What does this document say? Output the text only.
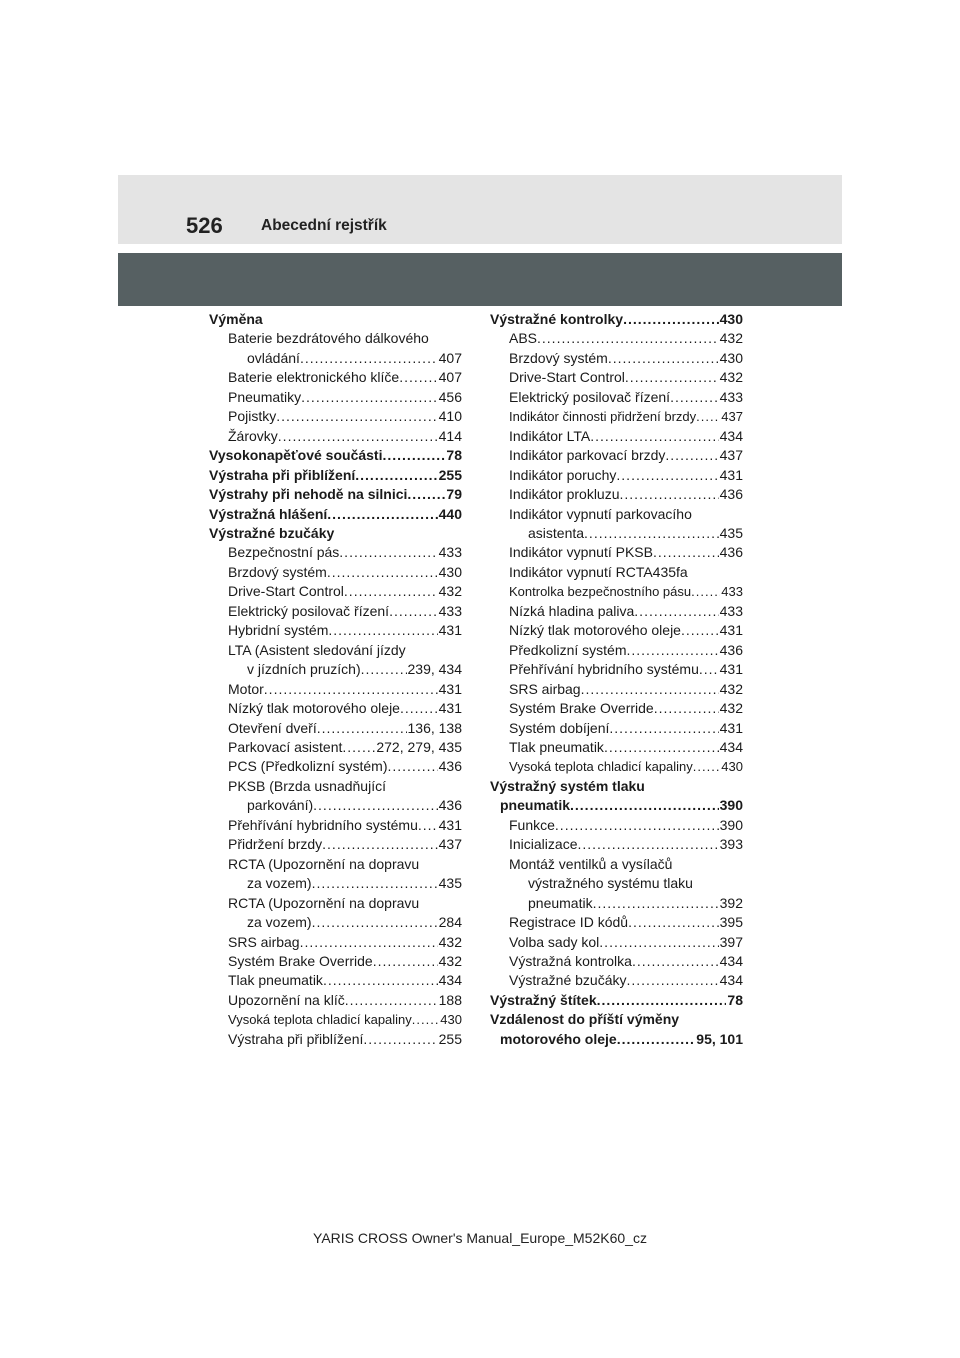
526 Abecední rejstřík
Výměna
Baterie bezdrátového dálkového
ovládání .....	407
Baterie elektronického klíče .....	407
Pneumatiky .....	456
Pojistky .....	410
Žárovky .....	414
Vysokonapěťové součásti .....	78
Výstraha při přiblížení .....	255
Výstrahy při nehodě na silnici .....	79
Výstražná hlášení .....	440
Výstražné bzučáky
Bezpečnostní pás .....	433
Brzdový systém .....	430
Drive-Start Control .....	432
Elektrický posilovač řízení .....	433
Hybridní systém .....	431
LTA (Asistent sledování jízdy
v jízdních pruzích) .....	239, 434
Motor .....	431
Nízký tlak motorového oleje .....	431
Otevření dveří .....	136, 138
Parkovací asistent ..... 272, 279, 435
PCS (Předkolizní systém) .....	436
PKSB (Brzda usnadňující
parkování) .....	436
Přehřívání hybridního systému ..... 431
Přidržení brzdy .....	437
RCTA (Upozornění na dopravu
za vozem) .....	435
RCTA (Upozornění na dopravu
za vozem) .....	284
SRS airbag .....	432
Systém Brake Override .....	432
Tlak pneumatik .....	434
Upozornění na klíč .....	188
Vysoká teplota chladicí kapaliny ..... 430
Výstraha při přiblížení .....	255
Výstražné kontrolky .....	430
ABS .....	432
Brzdový systém .....	430
Drive-Start Control .....	432
Elektrický posilovač řízení .....	433
Indikátor činnosti přidržení brzdy ..... 437
Indikátor LTA .....	434
Indikátor parkovací brzdy .....	437
Indikátor poruchy .....	431
Indikátor prokluzu .....	436
Indikátor vypnutí parkovacího
asistenta .....	435
Indikátor vypnutí PKSB .....	436
Indikátor vypnutí RCTA435fa
Kontrolka bezpečnostního pásu ..... 433
Nízká hladina paliva .....	433
Nízký tlak motorového oleje .....	431
Předkolizní systém .....	436
Přehřívání hybridního systému ..... 431
SRS airbag .....	432
Systém Brake Override .....	432
Systém dobíjení .....	431
Tlak pneumatik .....	434
Vysoká teplota chladicí kapaliny ..... 430
Výstražný systém tlaku
pneumatik .....	390
Funkce .....	390
Inicializace .....	393
Montáž ventilků a vysílačů
výstražného systému tlaku
pneumatik .....	392
Registrace ID kódů .....	395
Volba sady kol .....	397
Výstražná kontrolka .....	434
Výstražné bzučáky .....	434
Výstražný štítek .....	78
Vzdálenost do příští výměny
motorového oleje .....	95, 101
YARIS CROSS Owner's Manual_Europe_M52K60_cz
